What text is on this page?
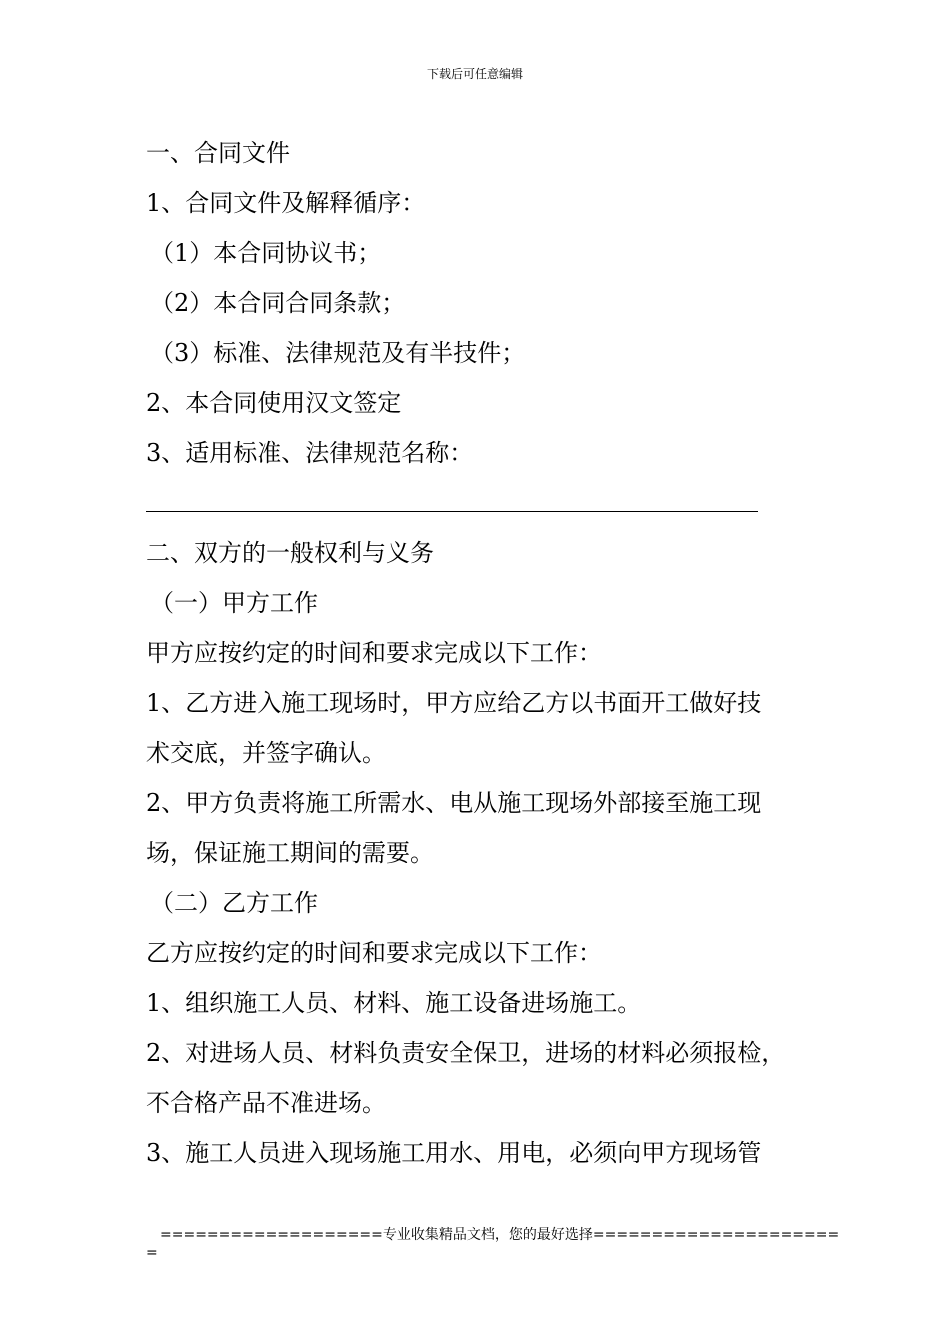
下载后可任意编辑
一、合同文件
1、合同文件及解释循序：
（1）本合同协议书；
（2）本合同合同条款；
（3）标准、法律规范及有半技件；
2、本合同使用汉文签定
3、适用标准、法律规范名称：
二、双方的一般权利与义务
（一）甲方工作
甲方应按约定的时间和要求完成以下工作：
1、乙方进入施工现场时，甲方应给乙方以书面开工做好技
术交底，并签字确认。
2、甲方负责将施工所需水、电从施工现场外部接至施工现
场，保证施工期间的需要。
（二）乙方工作
乙方应按约定的时间和要求完成以下工作：
1、组织施工人员、材料、施工设备进场施工。
2、对进场人员、材料负责安全保卫，进场的材料必须报检，
不合格产品不准进场。
3、施工人员进入现场施工用水、用电，必须向甲方现场管
===================专业收集精品文档，您的最好选择=====================
=
